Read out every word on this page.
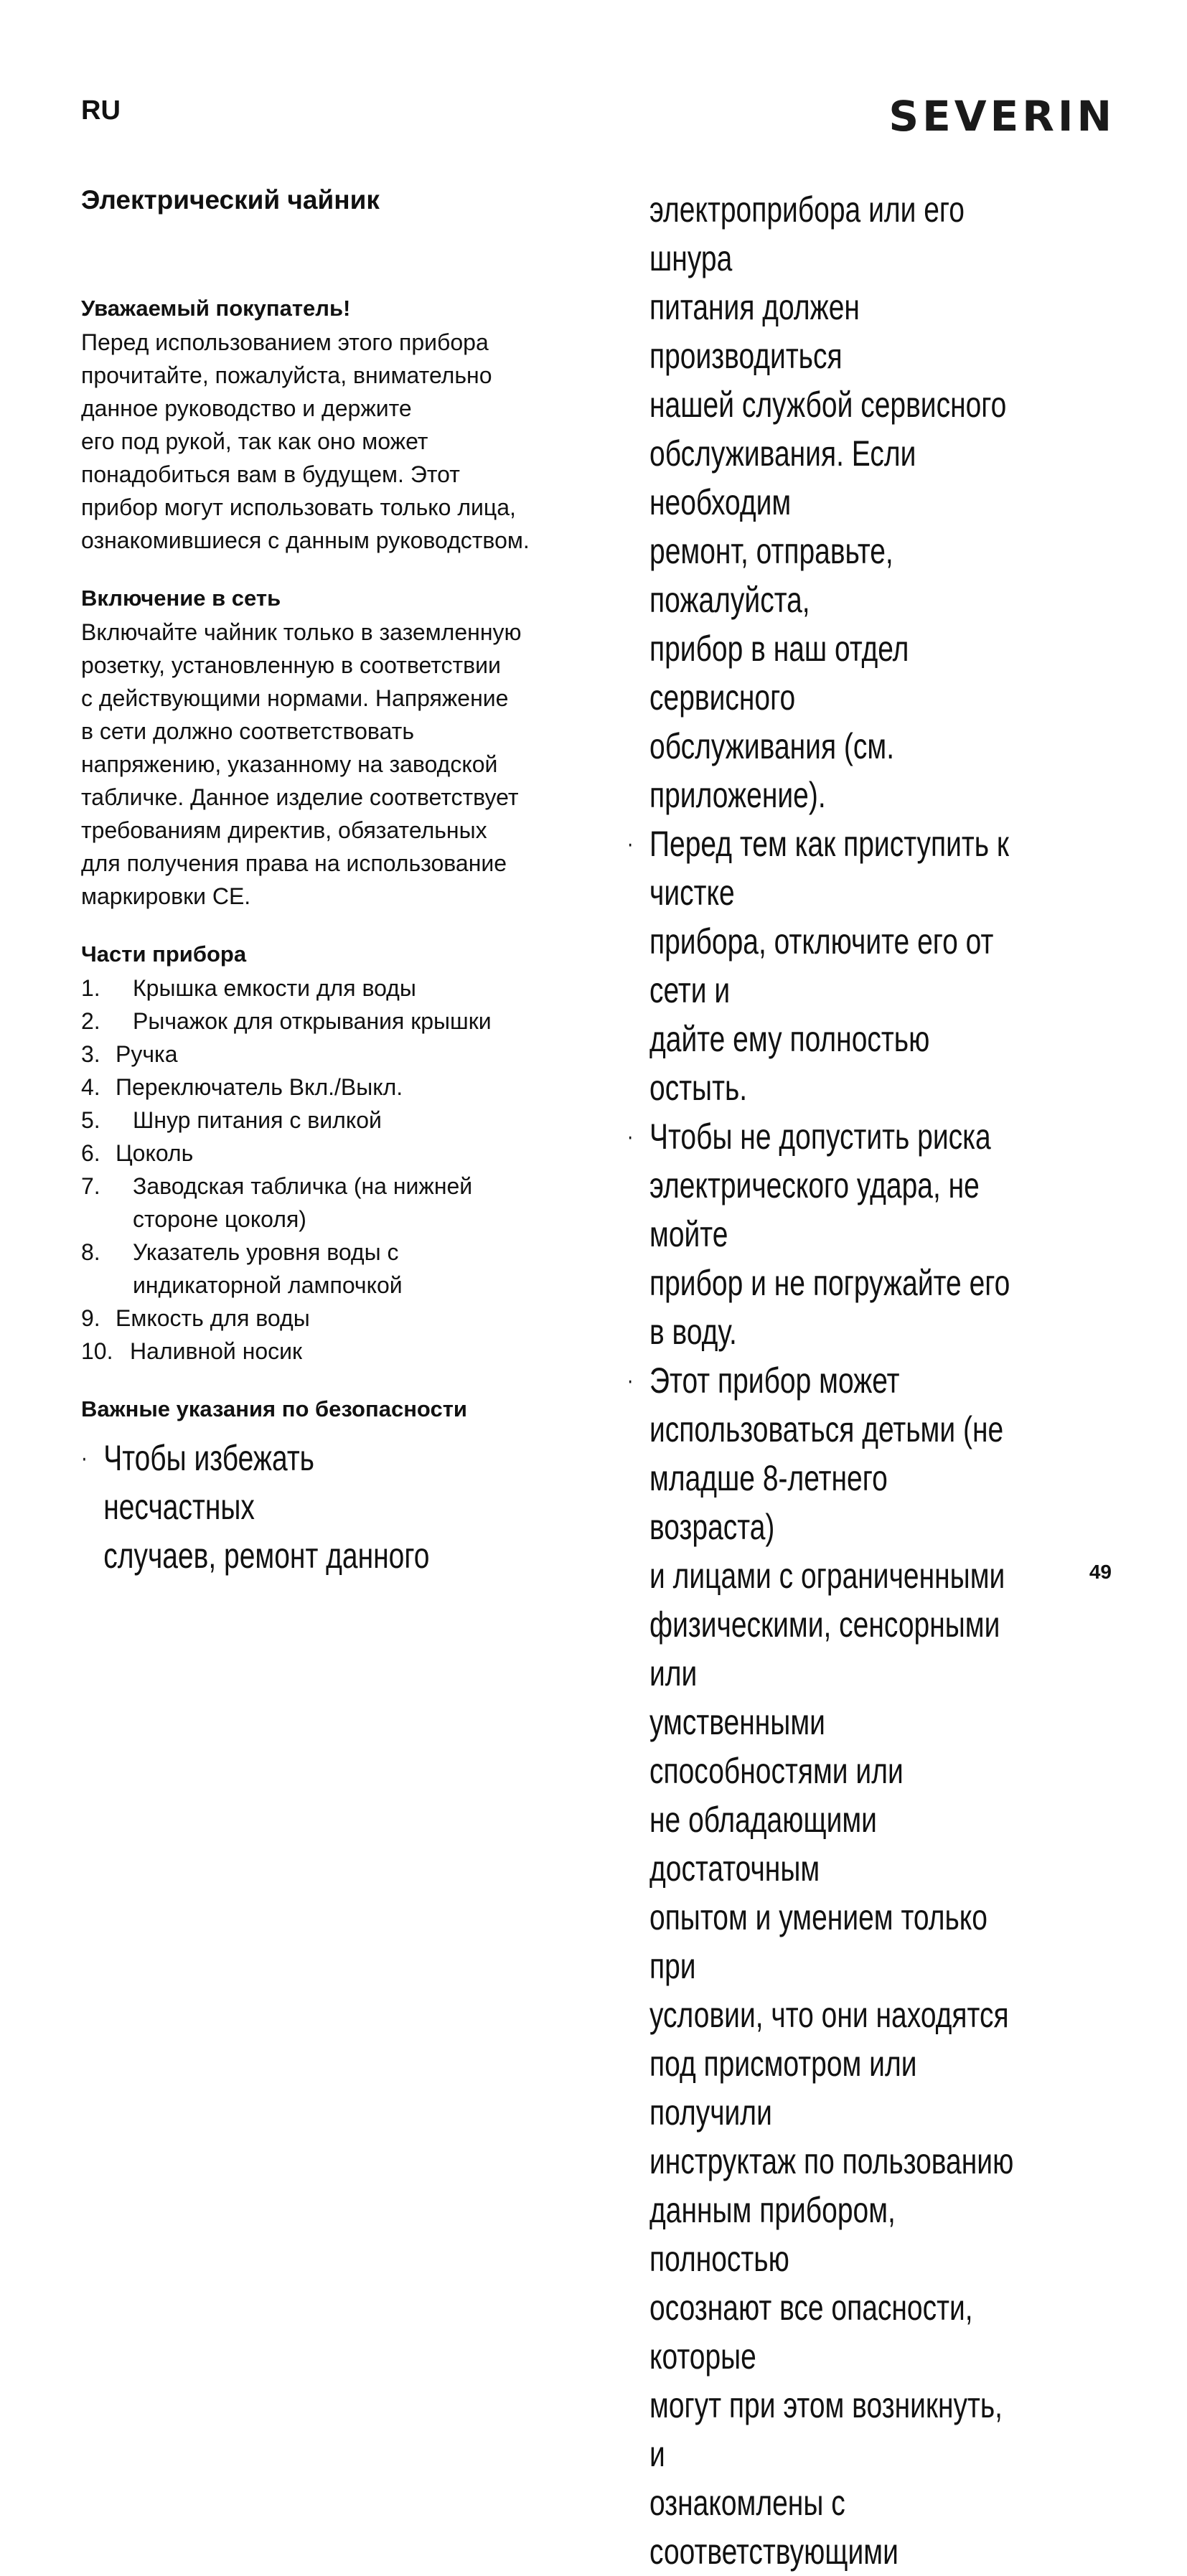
RU	SEVERIN
Электрический чайник
Уважаемый покупатель!
Перед использованием этого прибора
прочитайте, пожалуйста, внимательно
данное руководство и держите
его под рукой, так как оно может
понадобиться вам в будущем. Этот
прибор могут использовать только лица,
ознакомившиеся с данным руководством.
Включение в сеть
Включайте чайник только в заземленную
розетку, установленную в соответствии
с действующими нормами. Напряжение
в сети должно соответствовать
напряжению, указанному на заводской
табличке. Данное изделие соответствует
требованиям директив, обязательных
для получения права на использование
маркировки CE.
Части прибора
1.	Крышка емкости для воды
2.	Рычажок для открывания крышки
3. Ручка
4. Переключатель Вкл./Выкл.
5.	Шнур питания с вилкой
6. Цоколь
7.	Заводская табличка (на нижней
стороне цоколя)
8.	Указатель уровня воды с
индикаторной лампочкой
9. Емкость для воды
10. Наливной носик
Важные указания по безопасности
· Чтобы избежать несчастных
случаев, ремонт данного
электроприбора или его шнура
питания должен производиться
нашей службой сервисного
обслуживания. Если необходим
ремонт, отправьте, пожалуйста,
прибор в наш отдел сервисного
обслуживания (см. приложение).
· Перед тем как приступить к чистке
прибора, отключите его от сети и
дайте ему полностью остыть.
· Чтобы не допустить риска
электрического удара, не мойте
прибор и не погружайте его в воду.
· Этот прибор может
использоваться детьми (не
младше 8-летнего возраста)
и лицами с ограниченными
физическими, сенсорными или
умственными способностями или
не обладающими достаточным
опытом и умением только при
условии, что они находятся
под присмотром или получили
инструктаж по пользованию
данным прибором, полностью
осознают все опасности, которые
могут при этом возникнуть, и
ознакомлены с соответствующими
49
